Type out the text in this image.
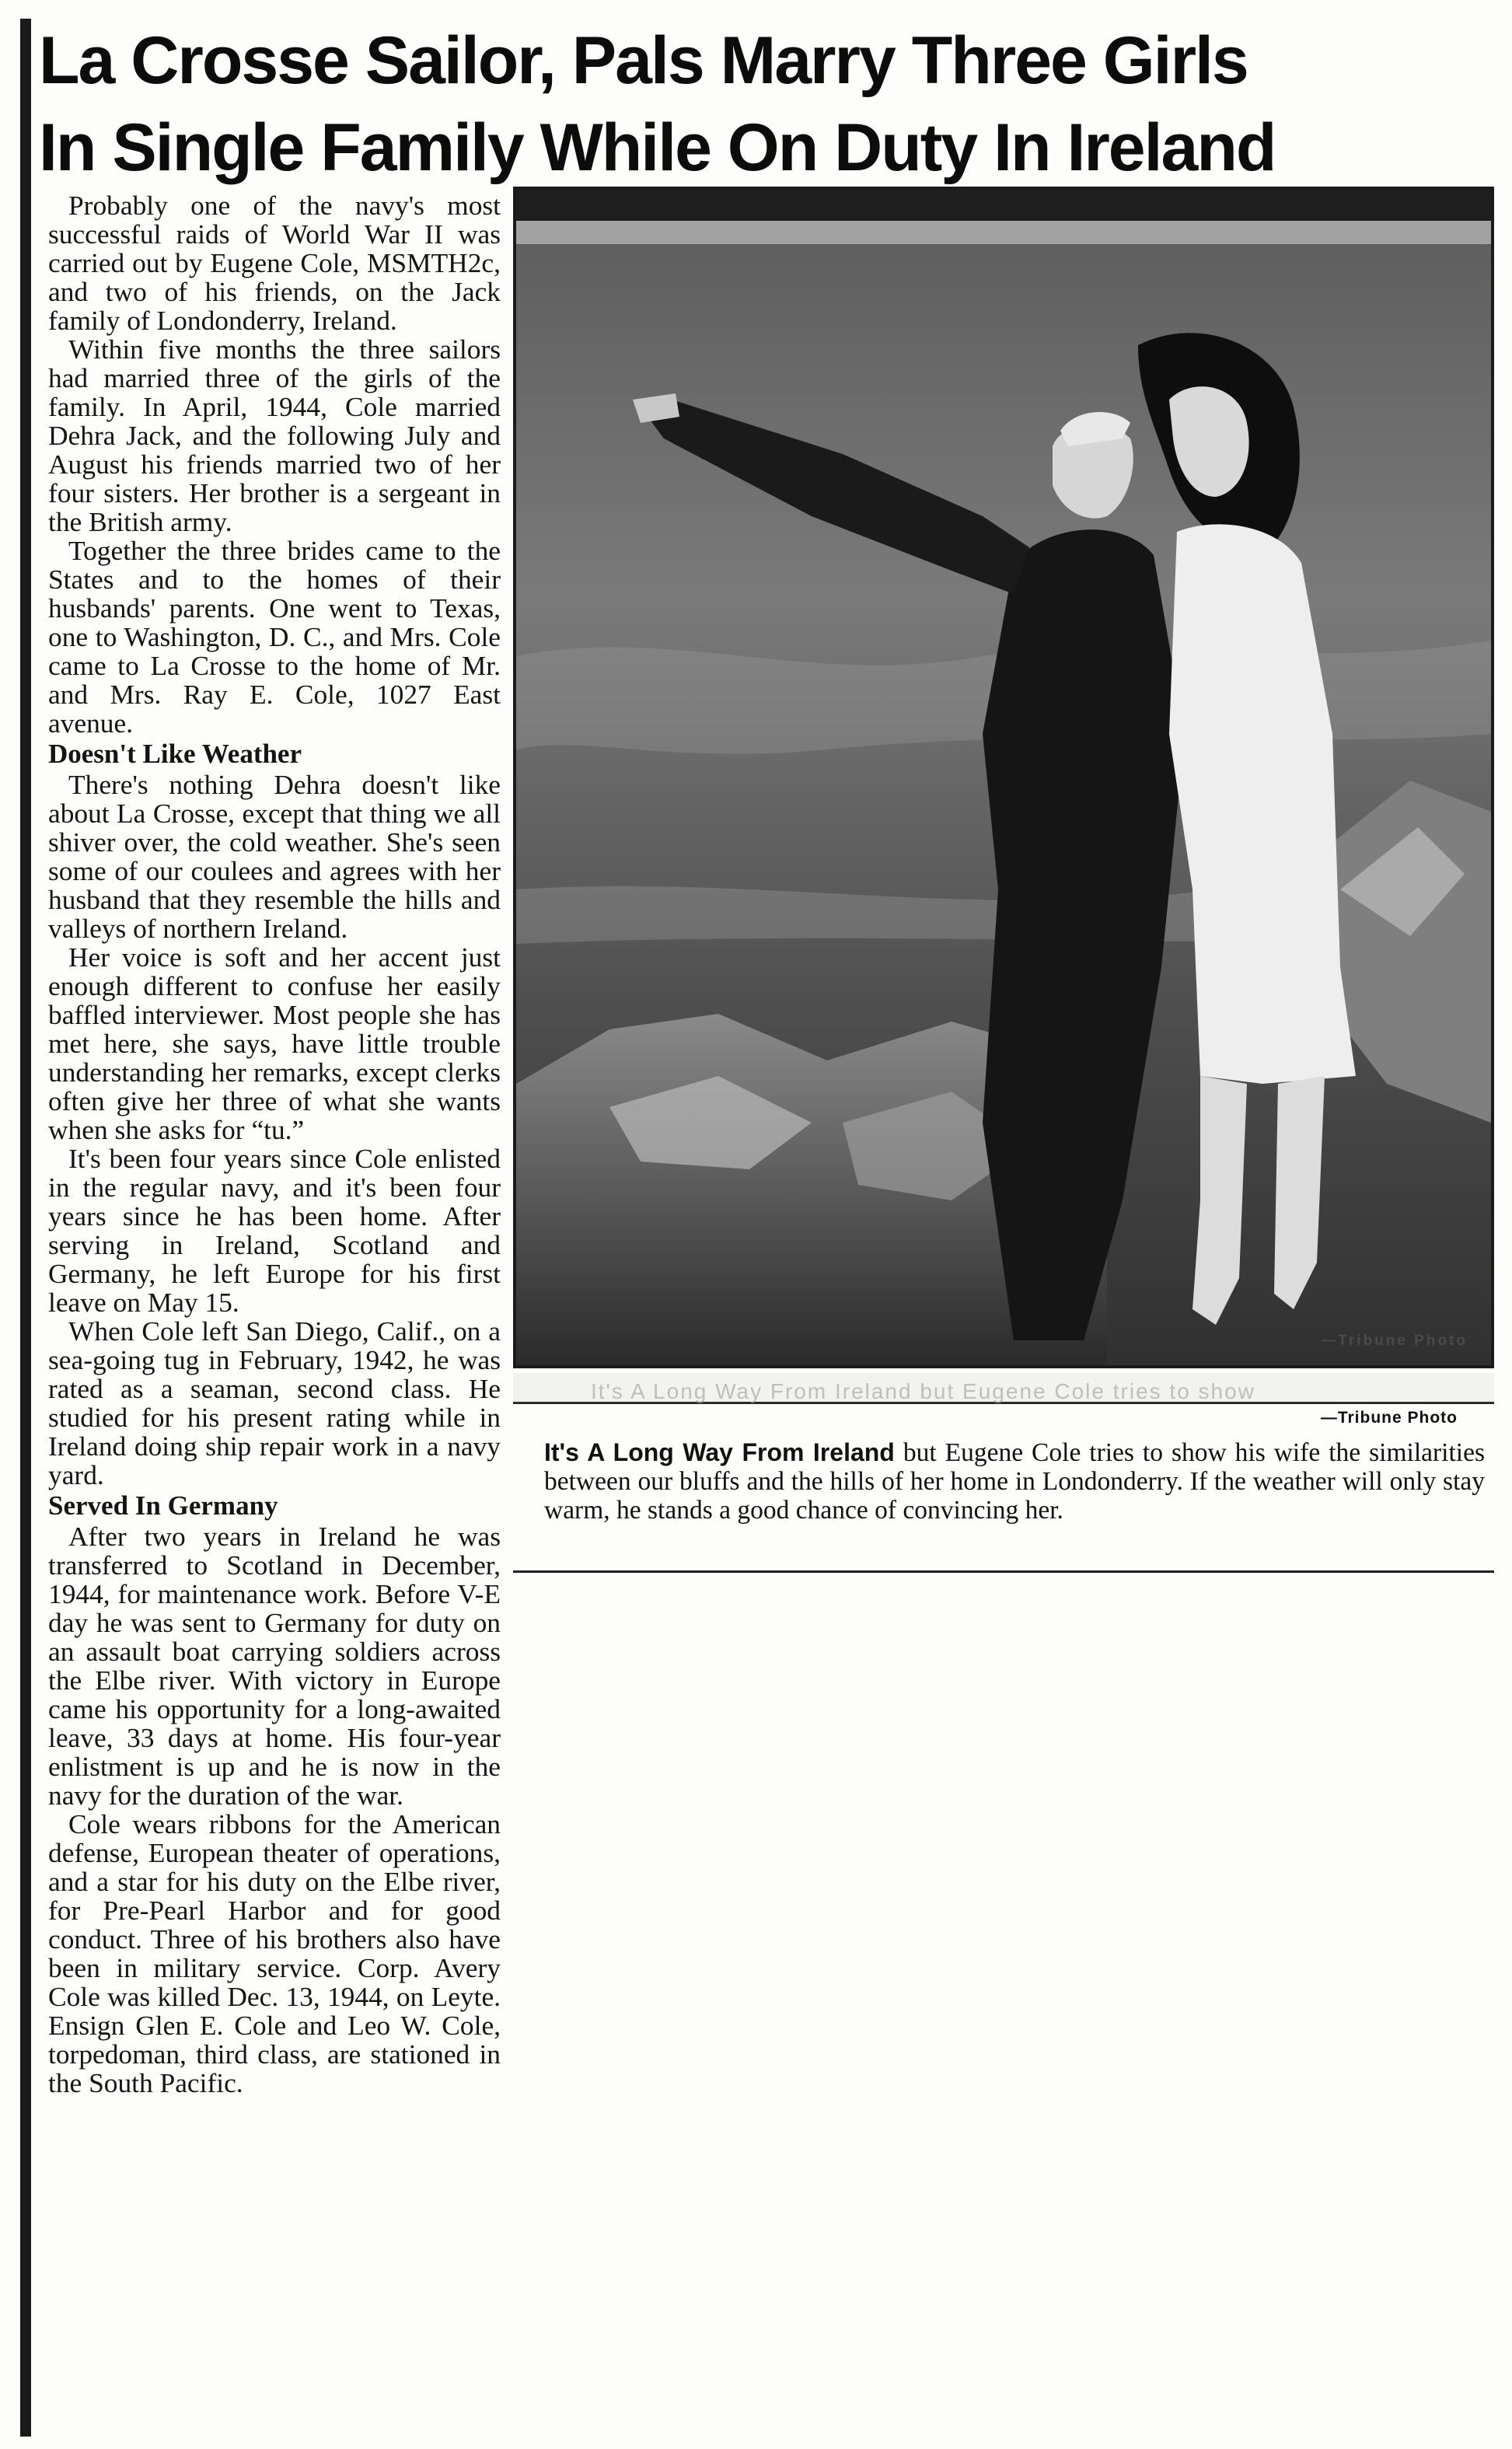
La Crosse Sailor, Pals Marry Three Girls
In Single Family While On Duty In Ireland

Probably one of the navy's most successful raids of World War II was carried out by Eugene Cole, MSMTH2c, and two of his friends, on the Jack family of Londonderry, Ireland.

Within five months the three sailors had married three of the girls of the family. In April, 1944, Cole married Dehra Jack, and the following July and August his friends married two of her four sisters. Her brother is a sergeant in the British army.

Together the three brides came to the States and to the homes of their husbands' parents. One went to Texas, one to Washington, D. C., and Mrs. Cole came to La Crosse to the home of Mr. and Mrs. Ray E. Cole, 1027 East avenue.

Doesn't Like Weather

There's nothing Dehra doesn't like about La Crosse, except that thing we all shiver over, the cold weather. She's seen some of our coulees and agrees with her husband that they resemble the hills and valleys of northern Ireland.

Her voice is soft and her accent just enough different to confuse her easily baffled interviewer. Most people she has met here, she says, have little trouble understanding her remarks, except clerks often give her three of what she wants when she asks for “tu.”

It's been four years since Cole enlisted in the regular navy, and it's been four years since he has been home. After serving in Ireland, Scotland and Germany, he left Europe for his first leave on May 15.

When Cole left San Diego, Calif., on a sea-going tug in February, 1942, he was rated as a seaman, second class. He studied for his present rating while in Ireland doing ship repair work in a navy yard.

Served In Germany

After two years in Ireland he was transferred to Scotland in December, 1944, for maintenance work. Before V-E day he was sent to Germany for duty on an assault boat carrying soldiers across the Elbe river. With victory in Europe came his opportunity for a long-awaited leave, 33 days at home. His four-year enlistment is up and he is now in the navy for the duration of the war.

Cole wears ribbons for the American defense, European theater of operations, and a star for his duty on the Elbe river, for Pre-Pearl Harbor and for good conduct. Three of his brothers also have been in military service. Corp. Avery Cole was killed Dec. 13, 1944, on Leyte. Ensign Glen E. Cole and Leo W. Cole, torpedoman, third class, are stationed in the South Pacific.

—Tribune Photo
It's A Long Way From Ireland but Eugene Cole tries to show
—Tribune Photo
It's A Long Way From Ireland but Eugene Cole tries to show his wife the similarities between our bluffs and the hills of her home in Londonderry. If the weather will only stay warm, he stands a good chance of convincing her.
